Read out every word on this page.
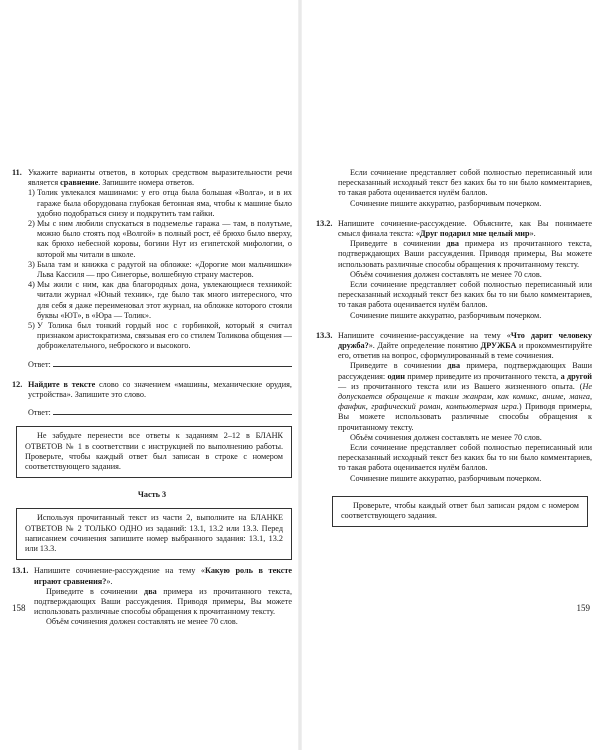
11. Укажите варианты ответов, в которых средством выразительности речи является сравнение. Запишите номера ответов.
1) Толик увлекался машинами: у его отца была большая «Волга», и в их гараже была оборудована глубокая бетонная яма, чтобы к машине было удобно подобраться снизу и подкрутить там гайки.
2) Мы с ним любили спускаться в подземелье гаража — там, в полутьме, можно было стоять под «Волгой» в полный рост, её брюхо было вверху, как брюхо небесной коровы, богини Нут из египетской мифологии, о которой мы читали в школе.
3) Была там и книжка с радугой на обложке: «Дорогие мои мальчишки» Льва Кассиля — про Синегорье, волшебную страну мастеров.
4) Мы жили с ним, как два благородных дона, увлекающиеся техникой: читали журнал «Юный техник», где было так много интересного, что для себя я даже переименовал этот журнал, на обложке которого стояли буквы «ЮТ», в «Юра — Толик».
5) У Толика был тонкий гордый нос с горбинкой, который я считал признаком аристократизма, связывая его со стилем Толикова общения — доброжелательного, неброского и высокого.
Ответ:
12. Найдите в тексте слово со значением «машины, механические орудия, устройства». Запишите это слово.
Ответ:

Не забудьте перенести все ответы к заданиям 2–12 в БЛАНК ОТВЕТОВ № 1 в соответствии с инструкцией по выполнению работы. Проверьте, чтобы каждый ответ был записан в строке с номером соответствующего задания.

Часть 3

Используя прочитанный текст из части 2, выполните на БЛАНКЕ ОТВЕТОВ № 2 ТОЛЬКО ОДНО из заданий: 13.1, 13.2 или 13.3. Перед написанием сочинения запишите номер выбранного задания: 13.1, 13.2 или 13.3.

13.1. Напишите сочинение-рассуждение на тему «Какую роль в тексте играют сравнения?».
Приведите в сочинении два примера из прочитанного текста, подтверждающих Ваши рассуждения. Приводя примеры, Вы можете использовать различные способы обращения к прочитанному тексту.
Объём сочинения должен составлять не менее 70 слов.
158
Если сочинение представляет собой полностью переписанный или пересказанный исходный текст без каких бы то ни было комментариев, то такая работа оценивается нулём баллов.
Сочинение пишите аккуратно, разборчивым почерком.
13.2. Напишите сочинение-рассуждение. Объясните, как Вы понимаете смысл финала текста: «Друг подарил мне целый мир».
Приведите в сочинении два примера из прочитанного текста, подтверждающих Ваши рассуждения. Приводя примеры, Вы можете использовать различные способы обращения к прочитанному тексту.
Объём сочинения должен составлять не менее 70 слов.
Если сочинение представляет собой полностью переписанный или пересказанный исходный текст без каких бы то ни было комментариев, то такая работа оценивается нулём баллов.
Сочинение пишите аккуратно, разборчивым почерком.
13.3. Напишите сочинение-рассуждение на тему «Что дарит человеку дружба?». Дайте определение понятию ДРУЖБА и прокомментируйте его, ответив на вопрос, сформулированный в теме сочинения.
Приведите в сочинении два примера, подтверждающих Ваши рассуждения: один пример приведите из прочитанного текста, а другой — из прочитанного текста или из Вашего жизненного опыта. (Не допускается обращение к таким жанрам, как комикс, аниме, манга, фанфик, графический роман, компьютерная игра.) Приводя примеры, Вы можете использовать различные способы обращения к прочитанному тексту.
Объём сочинения должен составлять не менее 70 слов.
Если сочинение представляет собой полностью переписанный или пересказанный исходный текст без каких бы то ни было комментариев, то такая работа оценивается нулём баллов.
Сочинение пишите аккуратно, разборчивым почерком.

Проверьте, чтобы каждый ответ был записан рядом с номером соответствующего задания.

159
